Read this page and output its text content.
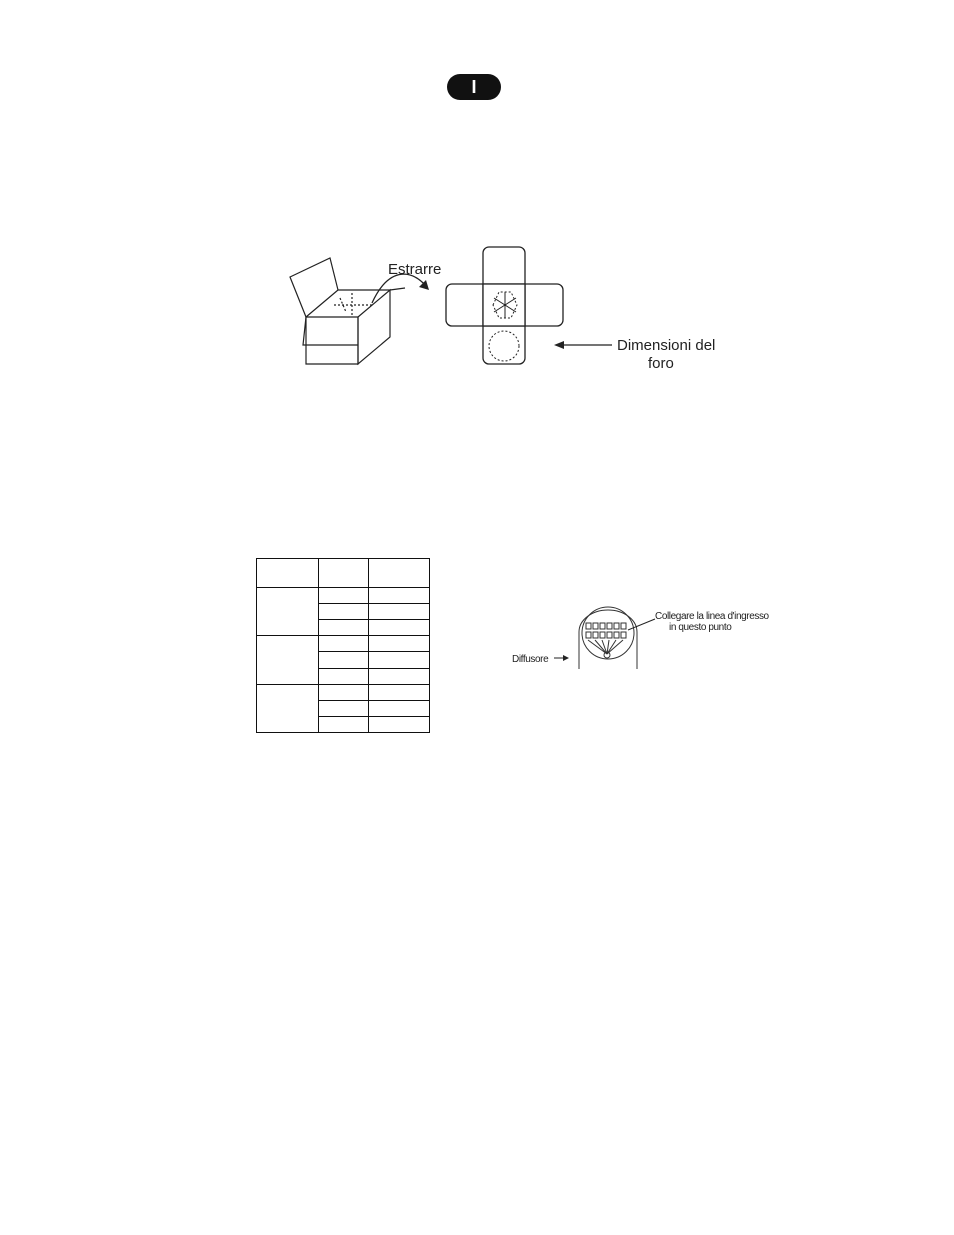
I
Estrarre
Dimensioni del
foro
Collegare la linea d'ingresso
in questo punto
Diffusore
